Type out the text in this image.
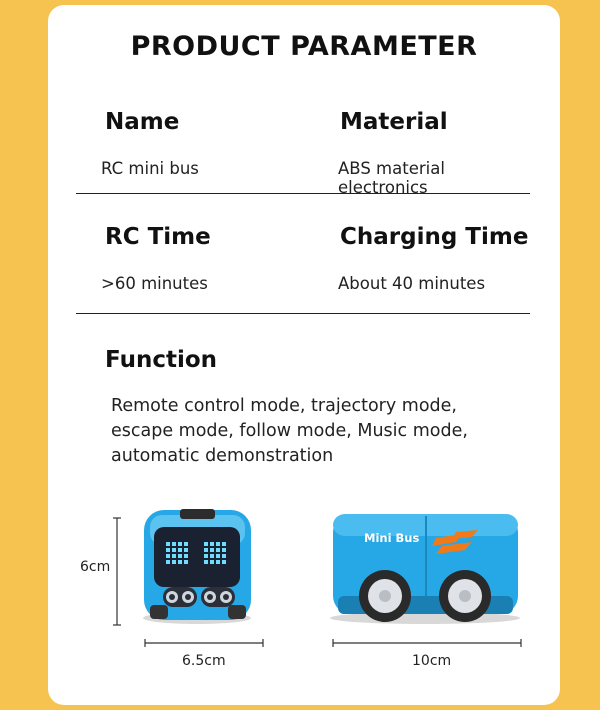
PRODUCT PARAMETER
Name
RC mini bus
Material
ABS material
electronics
RC Time
>60 minutes
Charging Time
About 40 minutes
Function
Remote control mode, trajectory mode,
escape mode, follow mode, Music mode,
automatic demonstration
Mini Bus
6cm
6.5cm	10cm
